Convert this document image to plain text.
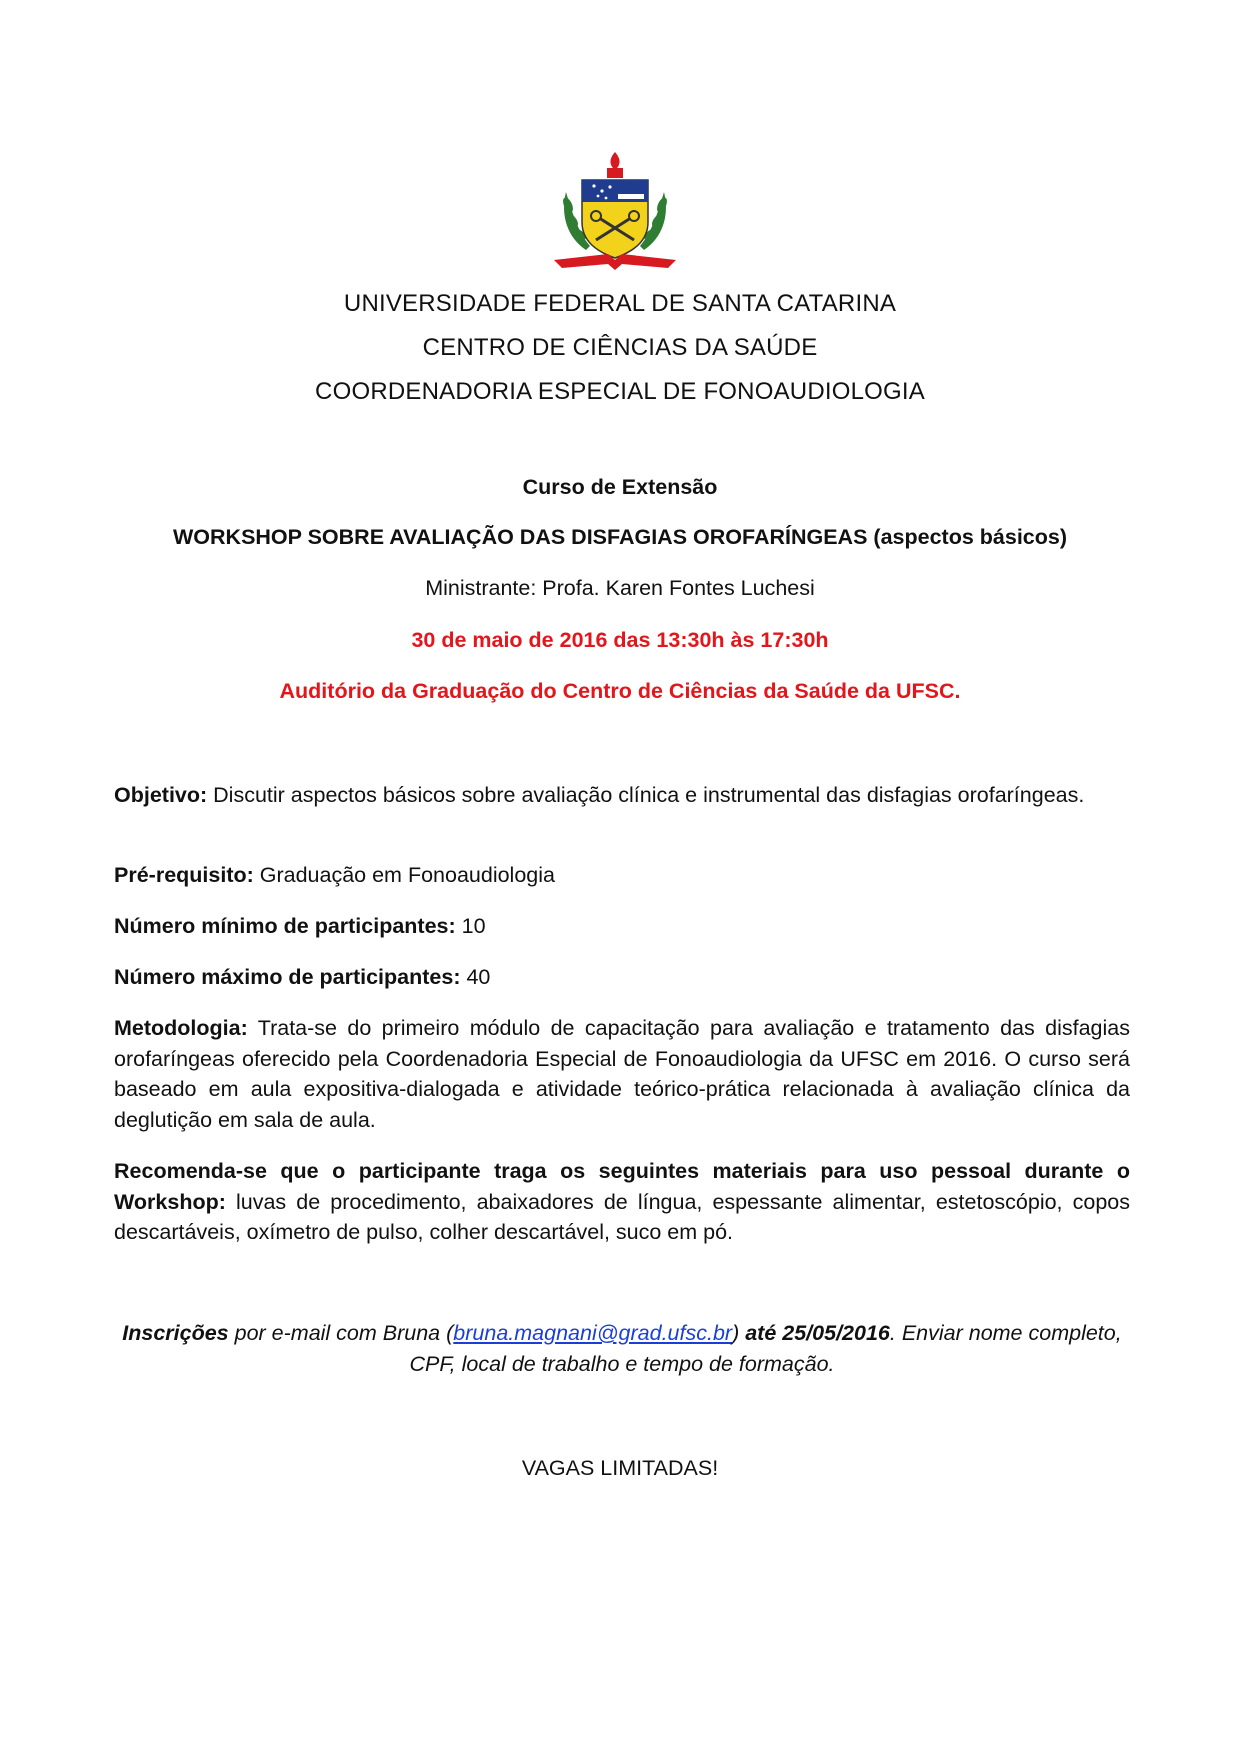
UNIVERSIDADE FEDERAL DE SANTA CATARINA
CENTRO DE CIÊNCIAS DA SAÚDE
COORDENADORIA ESPECIAL DE FONOAUDIOLOGIA
Curso de Extensão
WORKSHOP SOBRE AVALIAÇÃO DAS DISFAGIAS OROFARÍNGEAS (aspectos básicos)
Ministrante: Profa. Karen Fontes Luchesi
30 de maio de 2016 das 13:30h às 17:30h
Auditório da Graduação do Centro de Ciências da Saúde da UFSC.
Objetivo: Discutir aspectos básicos sobre avaliação clínica e instrumental das disfagias orofaríngeas.
Pré-requisito: Graduação em Fonoaudiologia
Número mínimo de participantes: 10
Número máximo de participantes: 40
Metodologia: Trata-se do primeiro módulo de capacitação para avaliação e tratamento das disfagias orofaríngeas oferecido pela Coordenadoria Especial de Fonoaudiologia da UFSC em 2016. O curso será baseado em aula expositiva-dialogada e atividade teórico-prática relacionada à avaliação clínica da deglutição em sala de aula.
Recomenda-se que o participante traga os seguintes materiais para uso pessoal durante o Workshop: luvas de procedimento, abaixadores de língua, espessante alimentar, estetoscópio, copos descartáveis, oxímetro de pulso, colher descartável, suco em pó.
Inscrições por e-mail com Bruna (bruna.magnani@grad.ufsc.br) até 25/05/2016. Enviar nome completo, CPF, local de trabalho e tempo de formação.
VAGAS LIMITADAS!
